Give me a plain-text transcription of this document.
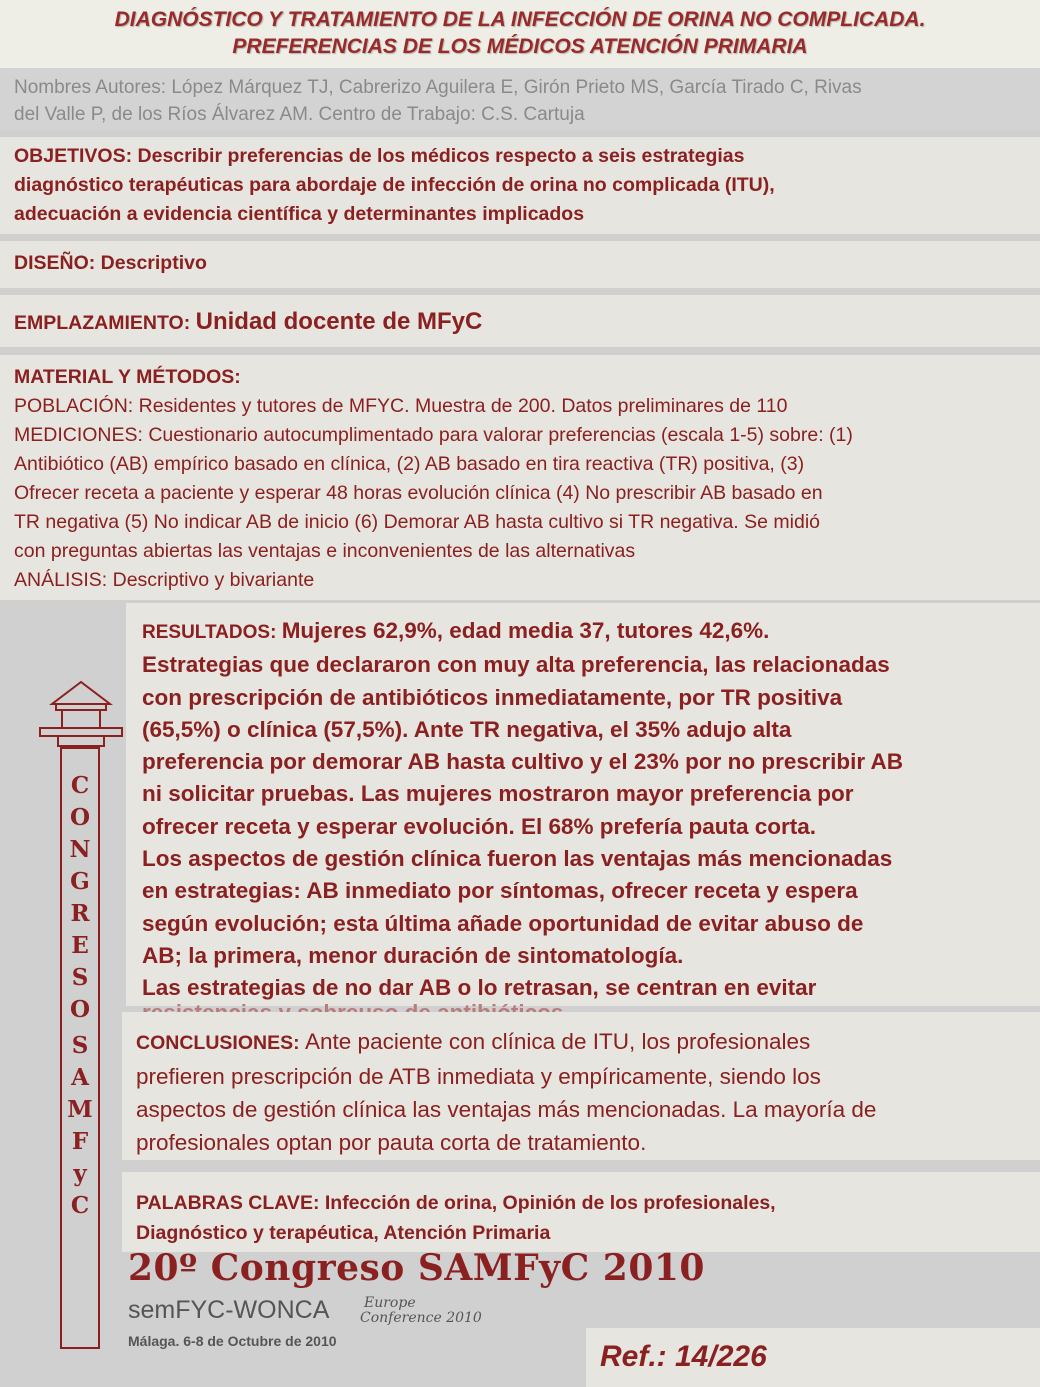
DIAGNÓSTICO Y TRATAMIENTO DE LA INFECCIÓN DE ORINA NO COMPLICADA.
PREFERENCIAS DE LOS MÉDICOS ATENCIÓN PRIMARIA
Nombres Autores: López Márquez TJ, Cabrerizo Aguilera E, Girón Prieto MS, García Tirado C, Rivas
del Valle P, de los Ríos Álvarez AM. Centro de Trabajo: C.S. Cartuja
OBJETIVOS: Describir preferencias de los médicos respecto a seis estrategias
diagnóstico terapéuticas para abordaje de infección de orina no complicada (ITU),
adecuación a evidencia científica y determinantes implicados
DISEÑO: Descriptivo
EMPLAZAMIENTO: Unidad docente de MFyC
MATERIAL Y MÉTODOS:
POBLACIÓN: Residentes y tutores de MFYC. Muestra de 200. Datos preliminares de 110
MEDICIONES: Cuestionario autocumplimentado para valorar preferencias (escala 1-5) sobre: (1)
Antibiótico (AB) empírico basado en clínica, (2) AB basado en tira reactiva (TR) positiva, (3)
Ofrecer receta a paciente y esperar 48 horas evolución clínica (4) No prescribir AB basado en
TR negativa (5) No indicar AB de inicio (6) Demorar AB hasta cultivo si TR negativa. Se midió
con preguntas abiertas las ventajas e inconvenientes de las alternativas
ANÁLISIS: Descriptivo y bivariante
C
O
N
G
R
E
S
O
S
A
M
F
y
C
RESULTADOS: Mujeres 62,9%, edad media 37, tutores 42,6%.
Estrategias que declararon con muy alta preferencia, las relacionadas
con prescripción de antibióticos inmediatamente, por TR positiva
(65,5%) o clínica (57,5%). Ante TR negativa, el 35% adujo alta
preferencia por demorar AB hasta cultivo y el 23% por no prescribir AB
ni solicitar pruebas. Las mujeres mostraron mayor preferencia por
ofrecer receta y esperar evolución. El 68% prefería pauta corta.
Los aspectos de gestión clínica fueron las ventajas más mencionadas
en estrategias: AB inmediato por síntomas, ofrecer receta y espera
según evolución; esta última añade oportunidad de evitar abuso de
AB; la primera, menor duración de sintomatología.
Las estrategias de no dar AB o lo retrasan, se centran en evitar
CONCLUSIONES: Ante paciente con clínica de ITU, los profesionales
prefieren prescripción de ATB inmediata y empíricamente, siendo los
aspectos de gestión clínica las ventajas más mencionadas. La mayoría de
profesionales optan por pauta corta de tratamiento.
PALABRAS CLAVE: Infección de orina, Opinión de los profesionales,
Diagnóstico y terapéutica, Atención Primaria
20º Congreso SAMFyC 2010
semFYC-WONCA Europe
Conference 2010
Málaga. 6-8 de Octubre de 2010	Ref.: 14/226
